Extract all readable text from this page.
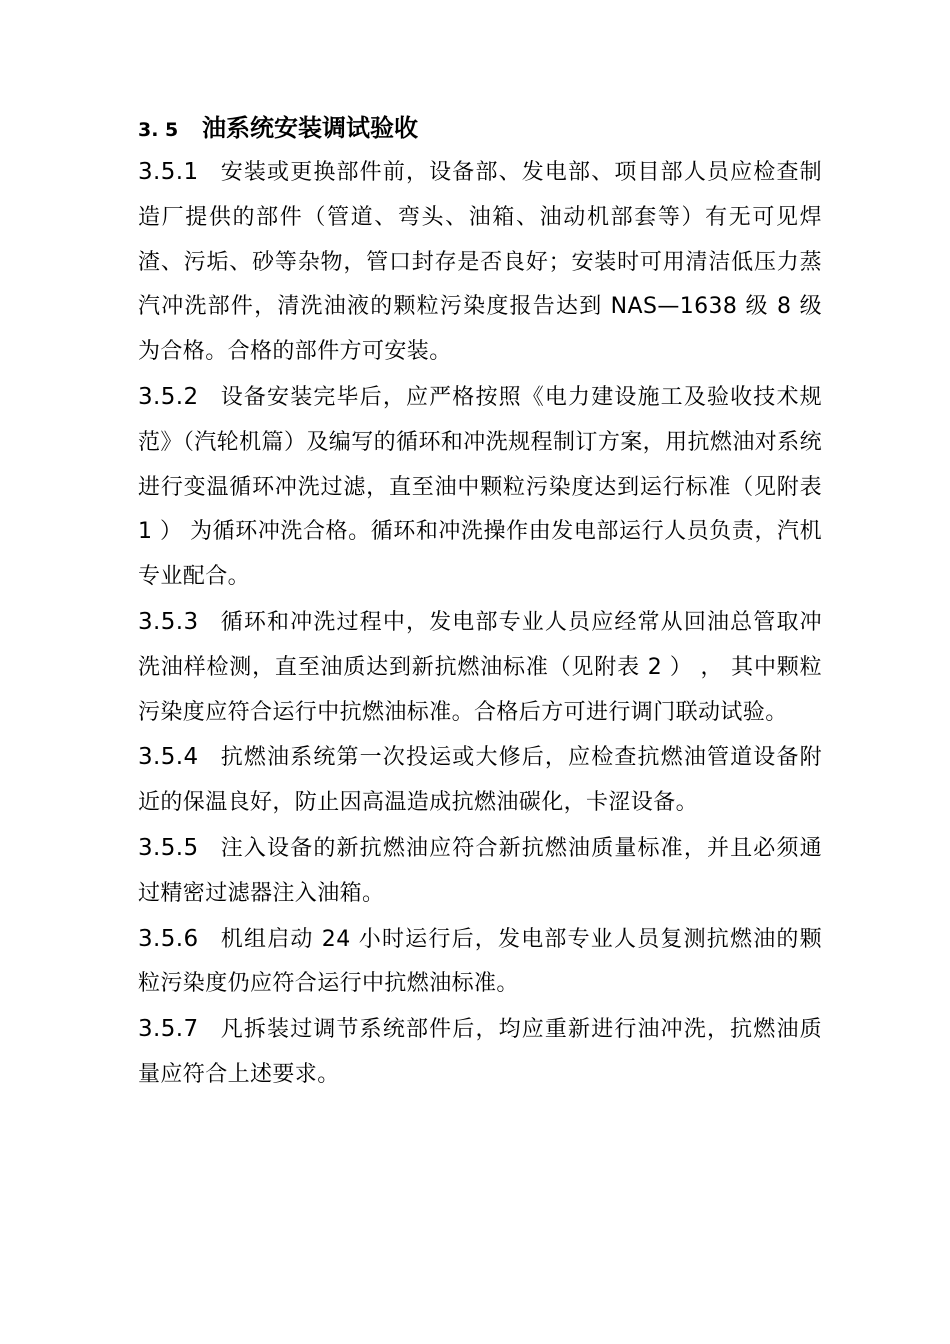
3. 5 油系统安装调试验收

3.5.1 安装或更换部件前，设备部、发电部、项目部人员应检查制造厂提供的部件（管道、弯头、油箱、油动机部套等）有无可见焊渣、污垢、砂等杂物，管口封存是否良好；安装时可用清洁低压力蒸汽冲洗部件，清洗油液的颗粒污染度报告达到 NAS—1638 级 8 级为合格。合格的部件方可安装。

3.5.2 设备安装完毕后，应严格按照《电力建设施工及验收技术规范》（汽轮机篇）及编写的循环和冲洗规程制订方案，用抗燃油对系统进行变温循环冲洗过滤，直至油中颗粒污染度达到运行标准（见附表 1 ） 为循环冲洗合格。循环和冲洗操作由发电部运行人员负责，汽机专业配合。

3.5.3 循环和冲洗过程中，发电部专业人员应经常从回油总管取冲洗油样检测，直至油质达到新抗燃油标准（见附表 2 ） ， 其中颗粒污染度应符合运行中抗燃油标准。合格后方可进行调门联动试验。

3.5.4 抗燃油系统第一次投运或大修后，应检查抗燃油管道设备附近的保温良好，防止因高温造成抗燃油碳化，卡涩设备。

3.5.5 注入设备的新抗燃油应符合新抗燃油质量标准，并且必须通过精密过滤器注入油箱。

3.5.6 机组启动 24 小时运行后，发电部专业人员复测抗燃油的颗粒污染度仍应符合运行中抗燃油标准。

3.5.7 凡拆装过调节系统部件后，均应重新进行油冲洗，抗燃油质量应符合上述要求。
